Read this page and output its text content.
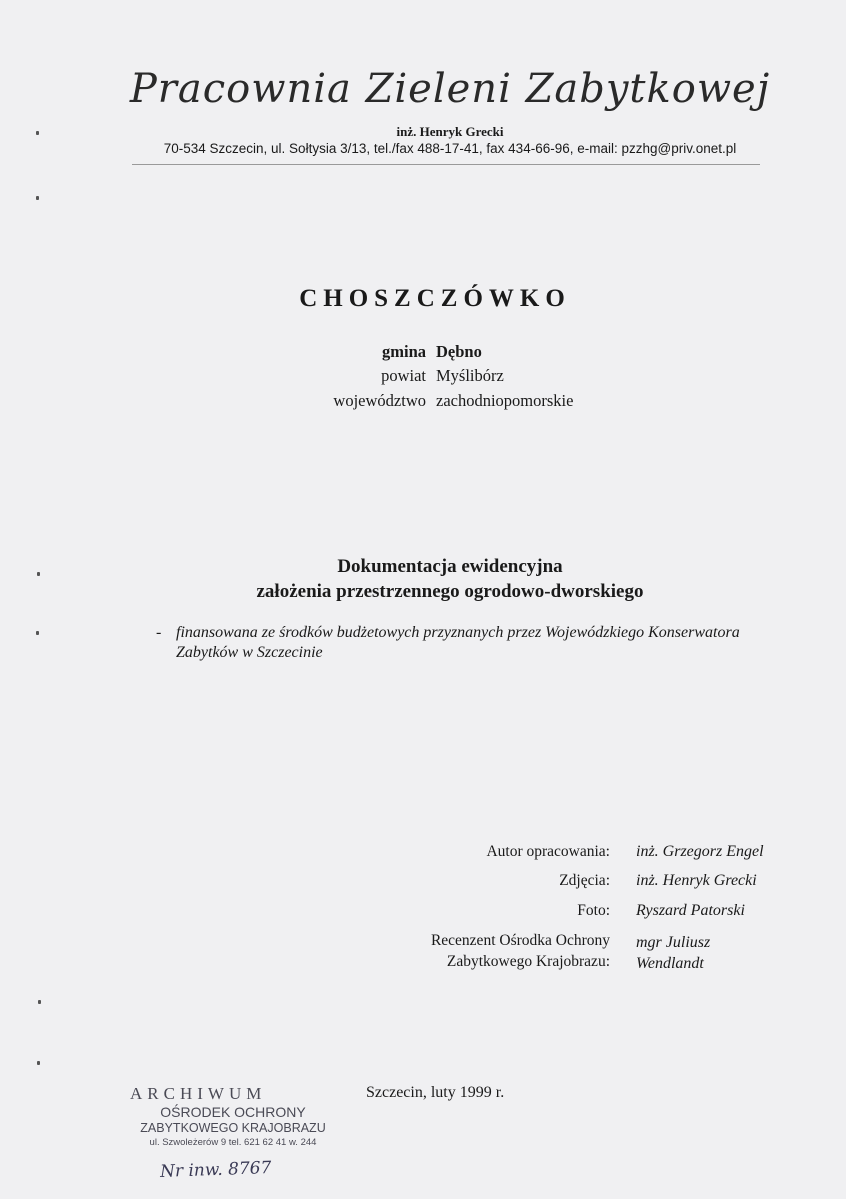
Pracownia Zieleni Zabytkowej
inż. Henryk Grecki
70-534 Szczecin, ul. Sołtysia 3/13, tel./fax 488-17-41, fax 434-66-96, e-mail: pzzhg@priv.onet.pl
CHOSZCZÓWKO
gmina Dębno
powiat Myślibórz
województwo zachodniopomorskie
Dokumentacja ewidencyjna
założenia przestrzennego ogrodowo-dworskiego
- finansowana ze środków budżetowych przyznanych przez Wojewódzkiego Konserwatora Zabytków w Szczecinie
Autor opracowania: inż. Grzegorz Engel
Zdjęcia: inż. Henryk Grecki
Foto: Ryszard Patorski
Recenzent Ośrodka Ochrony
Zabytkowego Krajobrazu:
mgr Juliusz
Wendlandt
Szczecin, luty 1999 r.
ARCHIWUM
OŚRODEK OCHRONY
ZABYTKOWEGO KRAJOBRAZU
ul. Szwoleżerów 9 tel. 621 62 41 w. 244
Nr inw. 8767
